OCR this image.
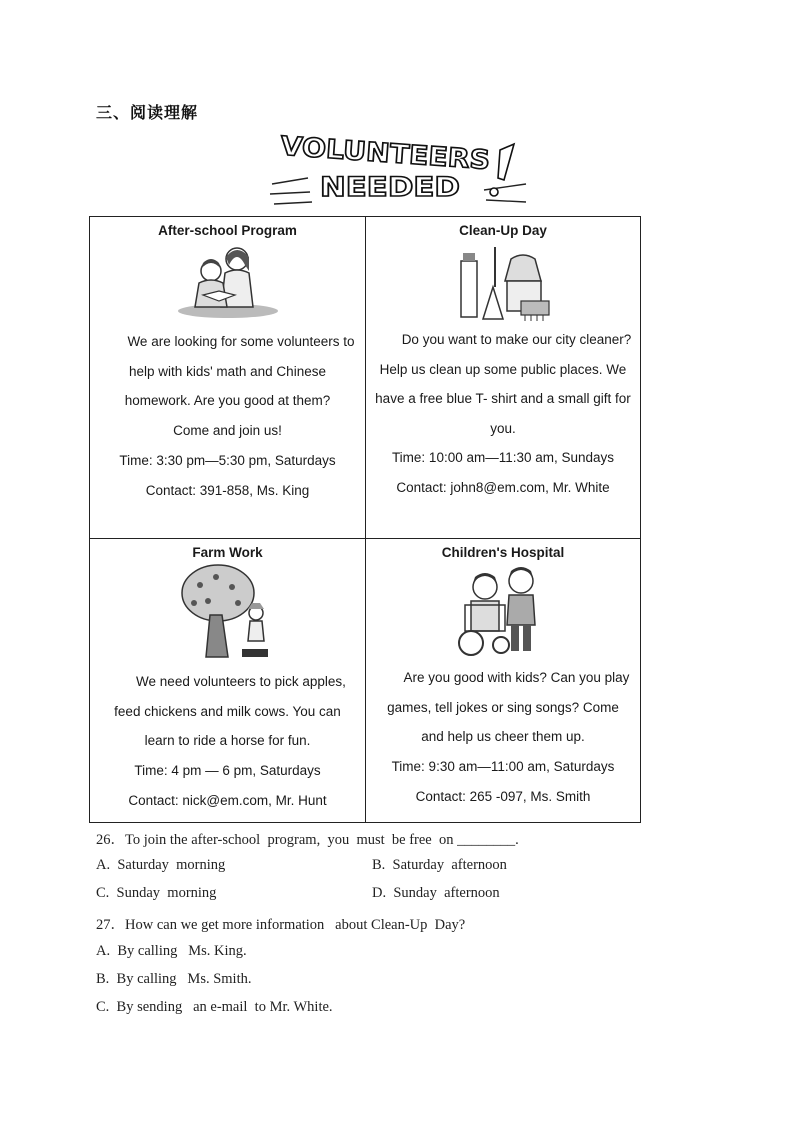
三、阅读理解
VOLUNTEERS
NEEDED
After-school Program
We are looking for some volunteers to help with kids' math and Chinese homework. Are you good at them?
Come and join us!
Time: 3:30 pm—5:30 pm, Saturdays
Contact: 391-858, Ms. King
Clean-Up Day
Do you want to make our city cleaner? Help us clean up some public places. We have a free blue T- shirt and a small gift for you.
Time: 10:00 am—11:30 am, Sundays
Contact: john8@em.com, Mr. White
Farm Work
We need volunteers to pick apples, feed chickens and milk cows. You can learn to ride a horse for fun.
Time: 4 pm — 6 pm, Saturdays
Contact: nick@em.com, Mr. Hunt
Children's Hospital
Are you good with kids? Can you play games, tell jokes or sing songs? Come and help us cheer them up.
Time: 9:30 am—11:00 am, Saturdays
Contact: 265 -097, Ms. Smith
26．To join the after-school  program,  you  must  be free  on ________.
A.  Saturday  morning	B.  Saturday  afternoon
C.  Sunday  morning	D.  Sunday  afternoon
27．How can we get more information   about Clean-Up  Day?
A.  By calling   Ms. King.
B.  By calling   Ms. Smith.
C.  By sending   an e-mail  to Mr. White.
